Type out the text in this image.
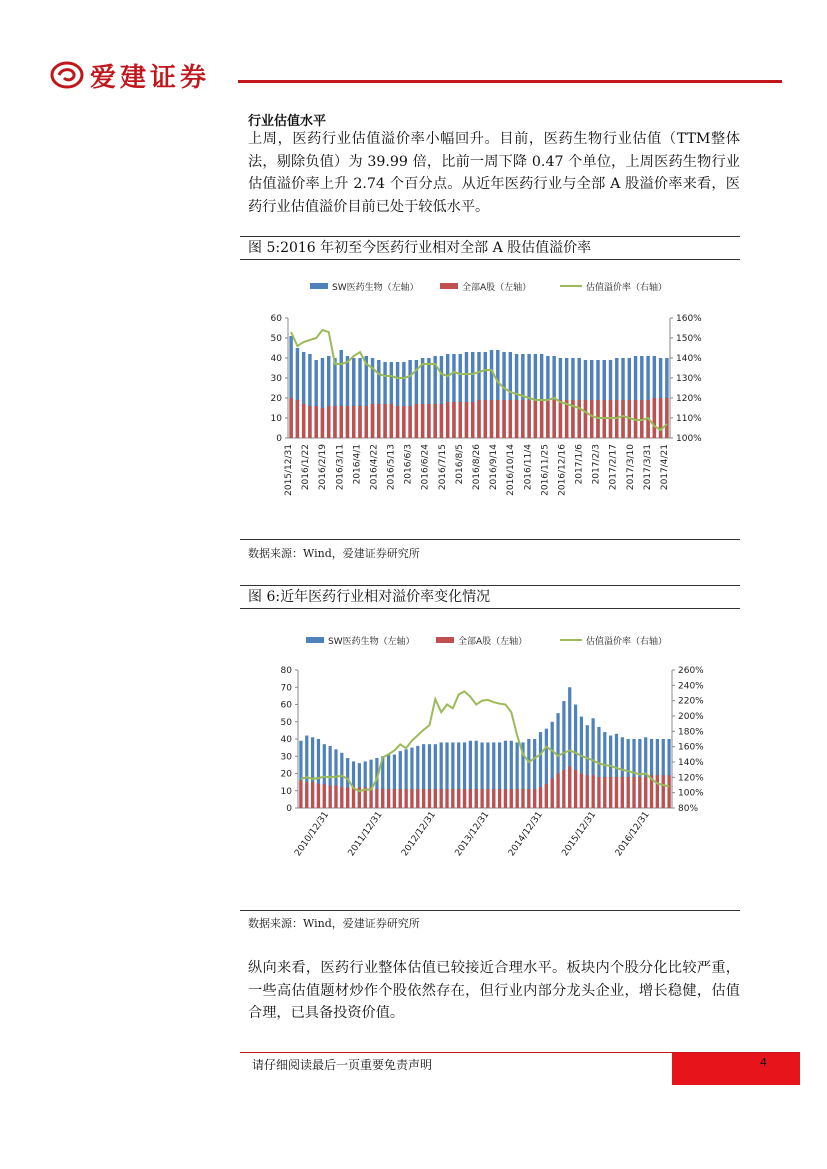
爱建证券
行业估值水平
上周，医药行业估值溢价率小幅回升。目前，医药生物行业估值（TTM整体法，剔除负值）为 39.99 倍，比前一周下降 0.47 个单位，上周医药生物行业估值溢价率上升 2.74 个百分点。从近年医药行业与全部 A 股溢价率来看，医药行业估值溢价目前已处于较低水平。
图 5:2016 年初至今医药行业相对全部 A 股估值溢价率
SW医药生物（左轴）	全部A股（左轴）	估值溢价率（右轴）
0
10
20
30
40
50
60
100%
110%
120%
130%
140%
150%
160%
2015/12/31 2016/1/22 2016/2/19 2016/3/11 2016/4/1 2016/4/22 2016/5/13 2016/6/3 2016/6/24 2016/7/15 2016/8/5 2016/8/26 2016/9/14 2016/10/14 2016/11/4 2016/11/25 2016/12/16 2017/1/6 2017/2/3 2017/2/17 2017/3/10 2017/3/31 2017/4/21
数据来源：Wind，爱建证券研究所
图 6:近年医药行业相对溢价率变化情况
SW医药生物（左轴）	全部A股（左轴）	估值溢价率（右轴）
0
10
20
30
40
50
60
70
80
80%
100%
120%
140%
160%
180%
200%
220%
240%
260%
2010/12/31 2011/12/31 2012/12/31 2013/12/31 2014/12/31 2015/12/31 2016/12/31
数据来源：Wind，爱建证券研究所
纵向来看，医药行业整体估值已较接近合理水平。板块内个股分化比较严重，一些高估值题材炒作个股依然存在，但行业内部分龙头企业，增长稳健，估值合理，已具备投资价值。
请仔细阅读最后一页重要免责声明	4
